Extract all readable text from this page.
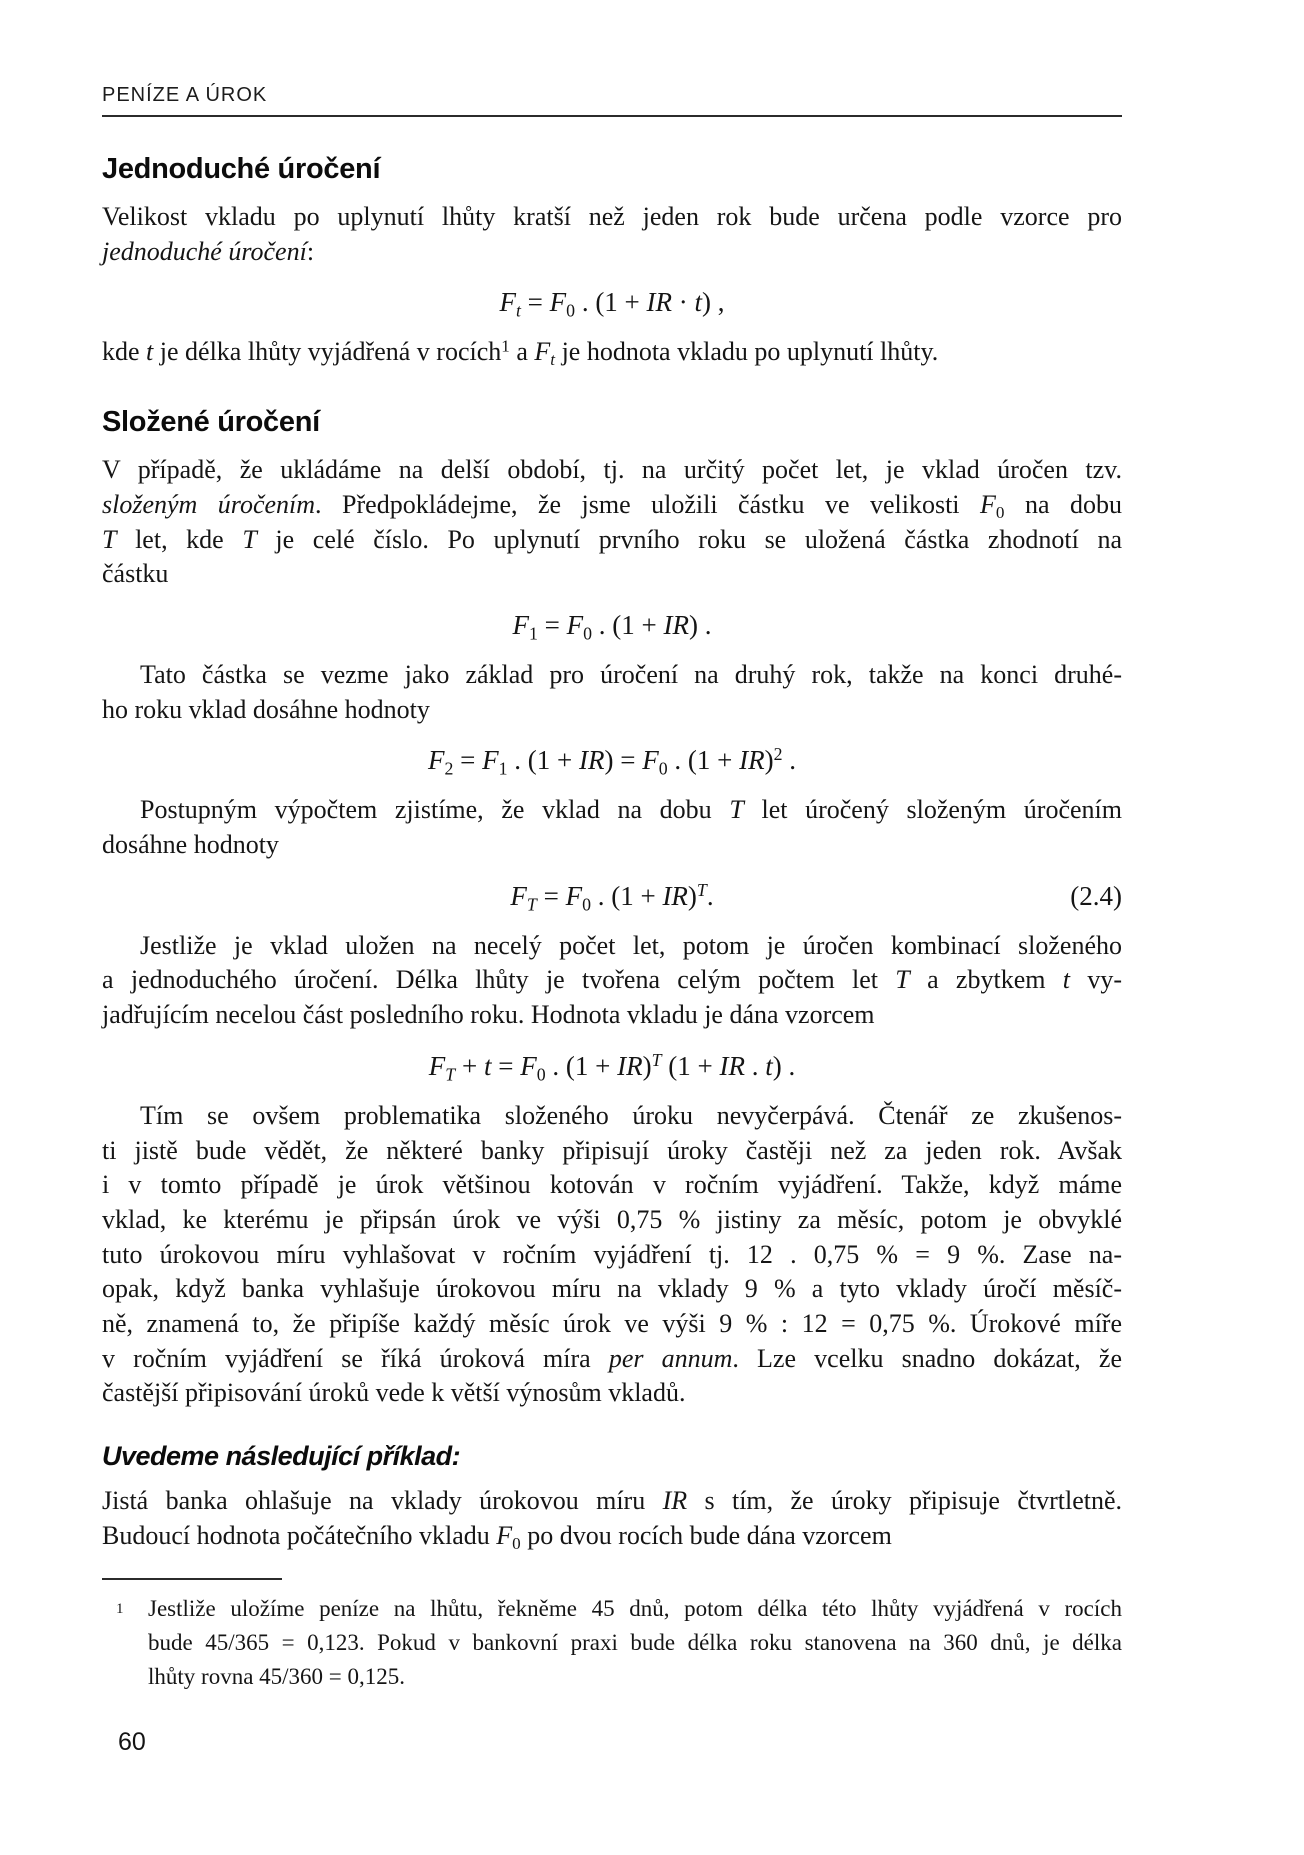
PENÍZE A ÚROK
Jednoduché úročení

Velikost vkladu po uplynutí lhůty kratší než jeden rok bude určena podle vzorce pro
jednoduché úročení:

$F_t = F_0$ . (1 + IR · t) ,

kde t je délka lhůty vyjádřená v rocích$^1$ a $F_t$ je hodnota vkladu po uplynutí lhůty.

Složené úročení

V případě, že ukládáme na delší období, tj. na určitý počet let, je vklad úročen tzv.
složeným úročením. Předpokládejme, že jsme uložili částku ve velikosti $F_0$ na dobu
T let, kde T je celé číslo. Po uplynutí prvního roku se uložená částka zhodnotí na
částku

$F_1 = F_0$ . (1 + IR) .

Tato částka se vezme jako základ pro úročení na druhý rok, takže na konci druhé-
ho roku vklad dosáhne hodnoty

$F_2 = F_1$ . $(1 + IR) = F_0$ . (1 + IR)$^2$ .

Postupným výpočtem zjistíme, že vklad na dobu T let úročený složeným úročením
dosáhne hodnoty

$F_T = F_0$ . (1 + IR)$^T$.	(2.4)

Jestliže je vklad uložen na necelý počet let, potom je úročen kombinací složeného
a jednoduchého úročení. Délka lhůty je tvořena celým počtem let T a zbytkem t vy-
jadřujícím necelou část posledního roku. Hodnota vkladu je dána vzorcem

$F_T + t = F_0$ . (1 + IR)$^T$ (1 + IR . t) .

Tím se ovšem problematika složeného úroku nevyčerpává. Čtenář ze zkušenos-
ti jistě bude vědět, že některé banky připisují úroky častěji než za jeden rok. Avšak
i v tomto případě je úrok většinou kotován v ročním vyjádření. Takže, když máme
vklad, ke kterému je připsán úrok ve výši 0,75 % jistiny za měsíc, potom je obvyklé
tuto úrokovou míru vyhlašovat v ročním vyjádření tj. 12 . 0,75 % = 9 %. Zase na-
opak, když banka vyhlašuje úrokovou míru na vklady 9 % a tyto vklady úročí měsíč-
ně, znamená to, že připíše každý měsíc úrok ve výši 9 % : 12 = 0,75 %. Úrokové míře
v ročním vyjádření se říká úroková míra per annum. Lze vcelku snadno dokázat, že
častější připisování úroků vede k větší výnosům vkladů.

Uvedeme následující příklad:

Jistá banka ohlašuje na vklady úrokovou míru IR s tím, že úroky připisuje čtvrtletně.
Budoucí hodnota počátečního vkladu $F_0$ po dvou rocích bude dána vzorcem

1 Jestliže uložíme peníze na lhůtu, řekněme 45 dnů, potom délka této lhůty vyjádřená v rocích
bude 45/365 = 0,123. Pokud v bankovní praxi bude délka roku stanovena na 360 dnů, je délka
lhůty rovna 45/360 = 0,125.
60
